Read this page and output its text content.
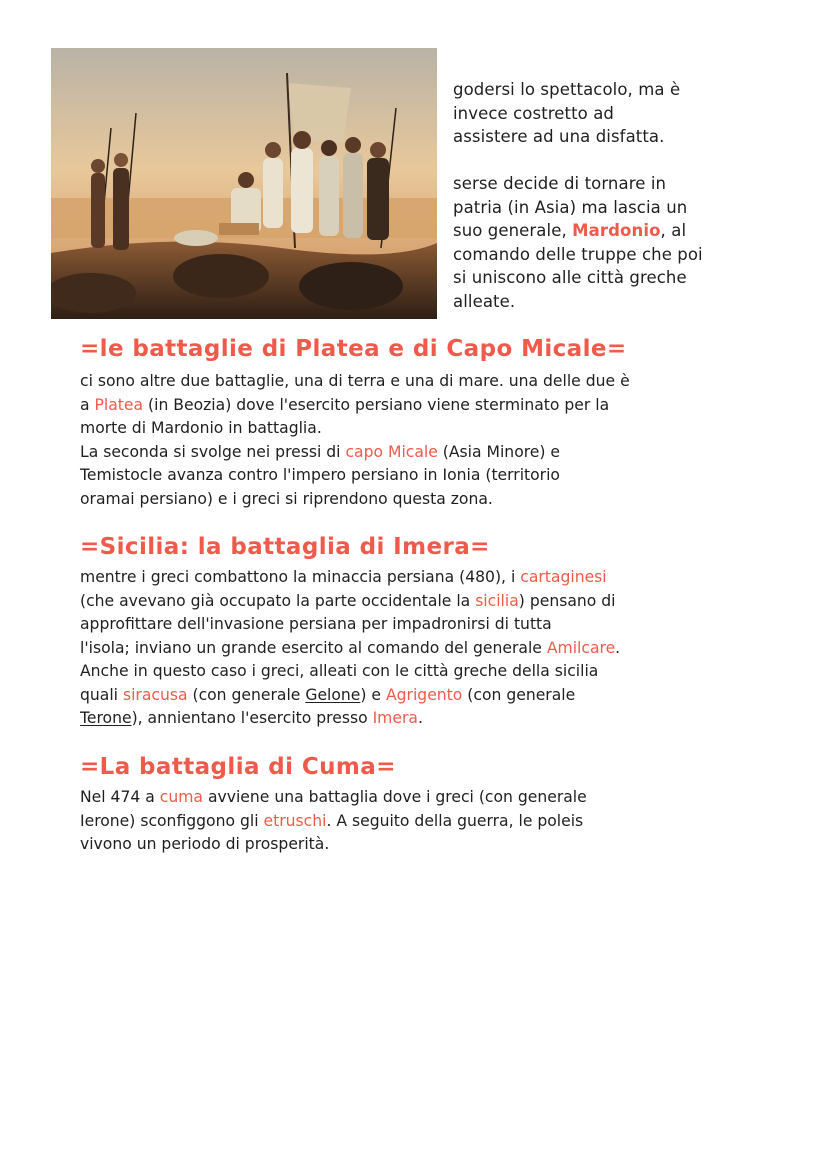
godersi lo spettacolo, ma è
invece costretto ad
assistere ad una disfatta.

serse decide di tornare in
patria (in Asia) ma lascia un
suo generale, Mardonio, al
comando delle truppe che poi
si uniscono alle città greche
alleate.

=le battaglie di Platea e di Capo Micale=
ci sono altre due battaglie, una di terra e una di mare. una delle due è
a Platea (in Beozia) dove l'esercito persiano viene sterminato per la
morte di Mardonio in battaglia.
La seconda si svolge nei pressi di capo Micale (Asia Minore) e
Temistocle avanza contro l'impero persiano in Ionia (territorio
oramai persiano) e i greci si riprendono questa zona.
=Sicilia: la battaglia di Imera=
mentre i greci combattono la minaccia persiana (480), i cartaginesi
(che avevano già occupato la parte occidentale la sicilia) pensano di
approfittare dell'invasione persiana per impadronirsi di tutta
l'isola; inviano un grande esercito al comando del generale Amilcare.
Anche in questo caso i greci, alleati con le città greche della sicilia
quali siracusa (con generale Gelone) e Agrigento (con generale
Terone), annientano l'esercito presso Imera.
=La battaglia di Cuma=
Nel 474 a cuma avviene una battaglia dove i greci (con generale
Ierone) sconfiggono gli etruschi. A seguito della guerra, le poleis
vivono un periodo di prosperità.
